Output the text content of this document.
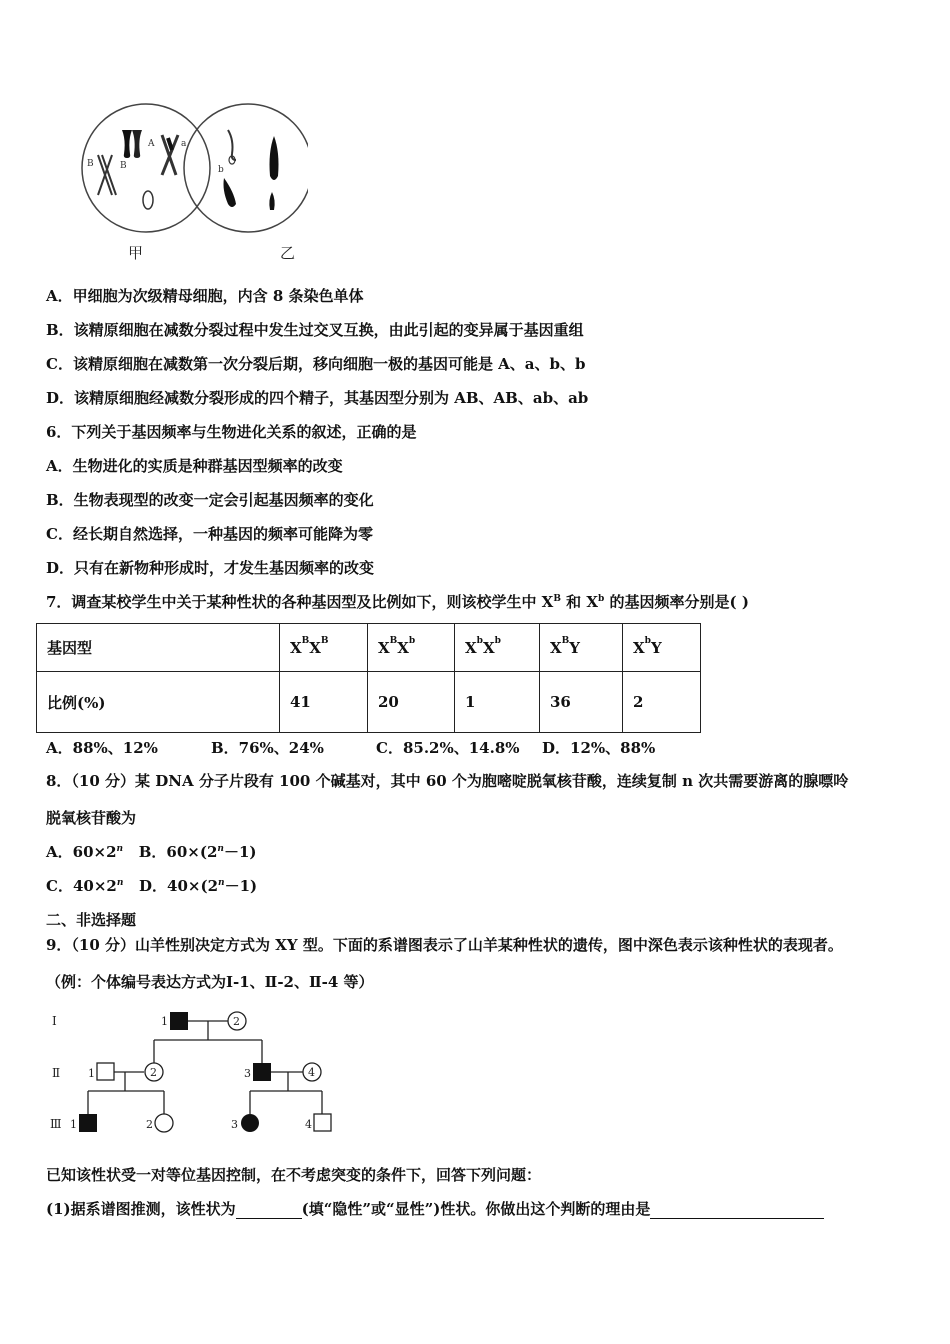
B	B
A	a
b
甲	乙
A．甲细胞为次级精母细胞，内含 8 条染色单体
B．该精原细胞在减数分裂过程中发生过交叉互换，由此引起的变异属于基因重组
C．该精原细胞在减数第一次分裂后期，移向细胞一极的基因可能是 A、a、b、b
D．该精原细胞经减数分裂形成的四个精子，其基因型分别为 AB、AB、ab、ab
6．下列关于基因频率与生物进化关系的叙述，正确的是
A．生物进化的实质是种群基因型频率的改变
B．生物表现型的改变一定会引起基因频率的变化
C．经长期自然选择，一种基因的频率可能降为零
D．只有在新物种形成时，才发生基因频率的改变
7．调查某校学生中关于某种性状的各种基因型及比例如下，则该校学生中 $X^B$ 和 $X^b$ 的基因频率分别是( )
基因型	$X^BX^B$	$X^BX^b$	$X^bX^b$	$X^BY$	$X^bY$
比例(%)	41	20	1	36	2
A．88%、12%	B．76%、24%	C．85.2%、14.8% D．12%、88%
8．（10 分）某 DNA 分子片段有 100 个碱基对，其中 60 个为胞嘧啶脱氧核苷酸，连续复制 n 次共需要游离的腺嘌呤
脱氧核苷酸为
A．$60\times 2^n$ B．$60\times(2^n-1)$
C．$40\times 2^n$ D．$40\times(2^n-1)$
二、非选择题
9．（10 分）山羊性别决定方式为 XY 型。下面的系谱图表示了山羊某种性状的遗传，图中深色表示该种性状的表现者。
（例：个体编号表达方式为Ⅰ-1、Ⅱ-2、Ⅱ-4 等）
Ⅰ
Ⅱ
Ⅲ
1	2
1	2	3	4
1	2	3	4
已知该性状受一对等位基因控制，在不考虑突变的条件下，回答下列问题：
(1)据系谱图推测，该性状为	(填“隐性”或“显性”)性状。你做出这个判断的理由是
